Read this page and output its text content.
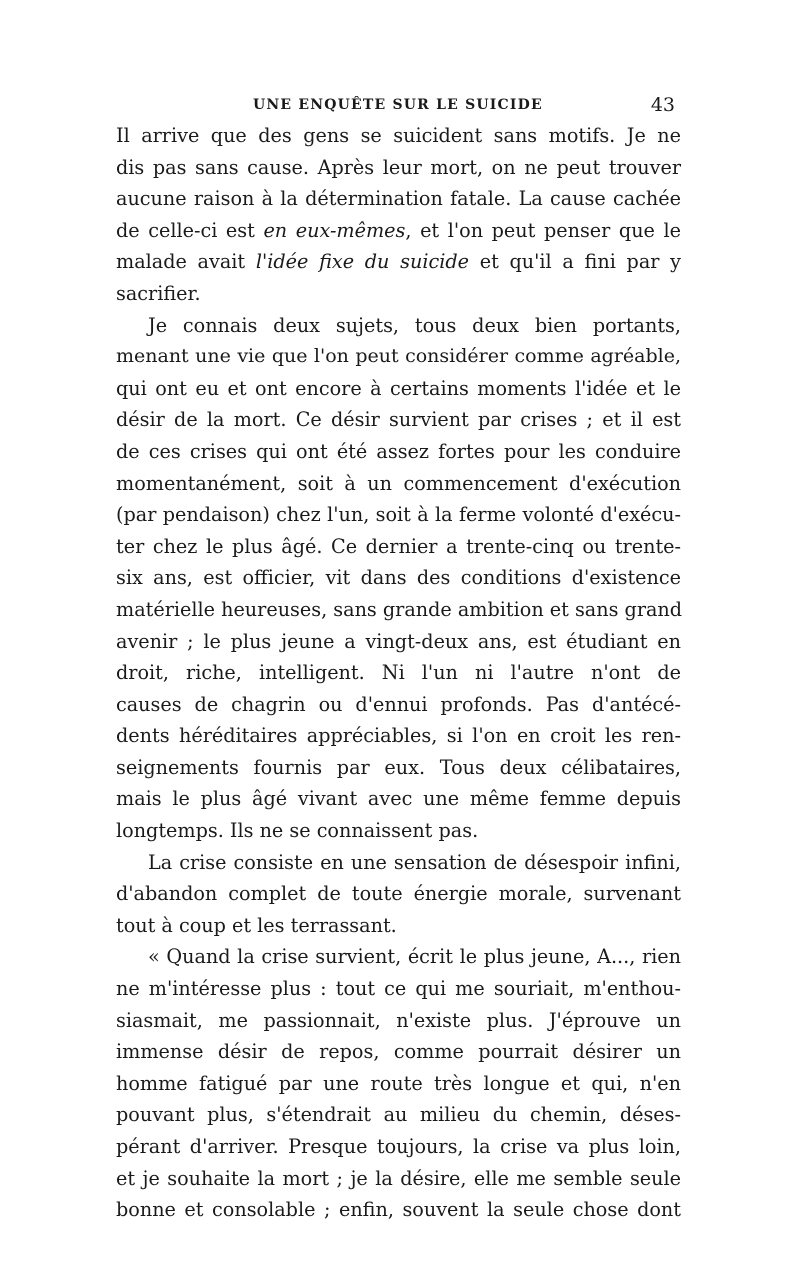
UNE ENQUÊTE SUR LE SUICIDE	43
Il arrive que des gens se suicident sans motifs. Je ne
dis pas sans cause. Après leur mort, on ne peut trouver
aucune raison à la détermination fatale. La cause cachée
de celle-ci est en eux-mêmes, et l'on peut penser que le
malade avait l'idée fixe du suicide et qu'il a fini par y
sacrifier.
Je connais deux sujets, tous deux bien portants,
menant une vie que l'on peut considérer comme agréable,
qui ont eu et ont encore à certains moments l'idée et le
désir de la mort. Ce désir survient par crises ; et il est
de ces crises qui ont été assez fortes pour les conduire
momentanément, soit à un commencement d'exécution
(par pendaison) chez l'un, soit à la ferme volonté d'exécu-
ter chez le plus âgé. Ce dernier a trente-cinq ou trente-
six ans, est officier, vit dans des conditions d'existence
matérielle heureuses, sans grande ambition et sans grand
avenir ; le plus jeune a vingt-deux ans, est étudiant en
droit, riche, intelligent. Ni l'un ni l'autre n'ont de
causes de chagrin ou d'ennui profonds. Pas d'antécé-
dents héréditaires appréciables, si l'on en croit les ren-
seignements fournis par eux. Tous deux célibataires,
mais le plus âgé vivant avec une même femme depuis
longtemps. Ils ne se connaissent pas.
La crise consiste en une sensation de désespoir infini,
d'abandon complet de toute énergie morale, survenant
tout à coup et les terrassant.
« Quand la crise survient, écrit le plus jeune, A..., rien
ne m'intéresse plus : tout ce qui me souriait, m'enthou-
siasmait, me passionnait, n'existe plus. J'éprouve un
immense désir de repos, comme pourrait désirer un
homme fatigué par une route très longue et qui, n'en
pouvant plus, s'étendrait au milieu du chemin, déses-
pérant d'arriver. Presque toujours, la crise va plus loin,
et je souhaite la mort ; je la désire, elle me semble seule
bonne et consolable ; enfin, souvent la seule chose dont
